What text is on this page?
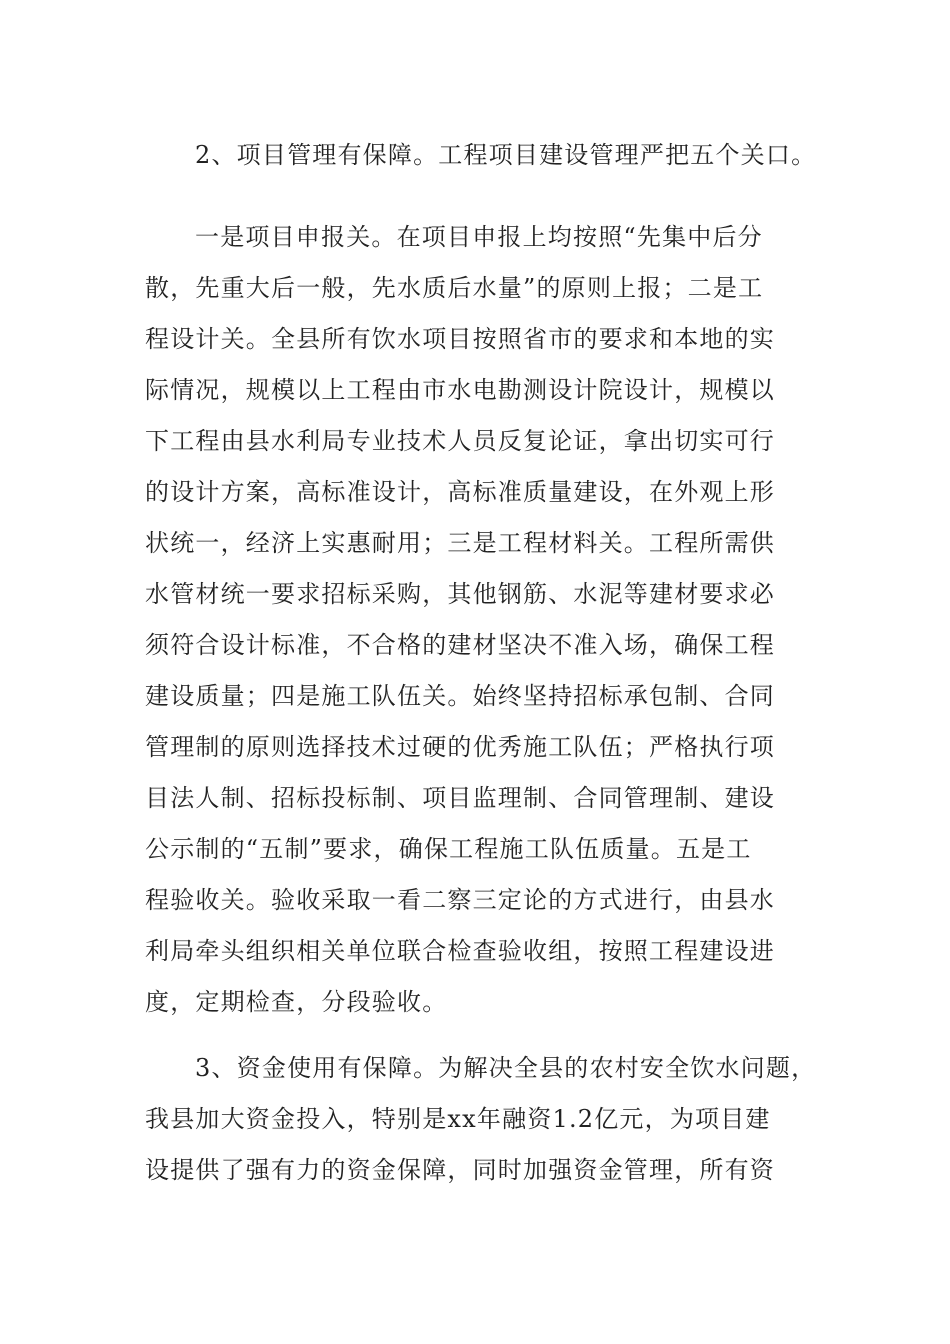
2、项目管理有保障。工程项目建设管理严把五个关口。

一是项目申报关。在项目申报上均按照“先集中后分
散，先重大后一般，先水质后水量”的原则上报；二是工
程设计关。全县所有饮水项目按照省市的要求和本地的实
际情况，规模以上工程由市水电勘测设计院设计，规模以
下工程由县水利局专业技术人员反复论证，拿出切实可行
的设计方案，高标准设计，高标准质量建设，在外观上形
状统一，经济上实惠耐用；三是工程材料关。工程所需供
水管材统一要求招标采购，其他钢筋、水泥等建材要求必
须符合设计标准，不合格的建材坚决不准入场，确保工程
建设质量；四是施工队伍关。始终坚持招标承包制、合同
管理制的原则选择技术过硬的优秀施工队伍；严格执行项
目法人制、招标投标制、项目监理制、合同管理制、建设
公示制的“五制”要求，确保工程施工队伍质量。五是工
程验收关。验收采取一看二察三定论的方式进行，由县水
利局牵头组织相关单位联合检查验收组，按照工程建设进
度，定期检查，分段验收。

3、资金使用有保障。为解决全县的农村安全饮水问题，
我县加大资金投入，特别是xx年融资1.2亿元，为项目建
设提供了强有力的资金保障，同时加强资金管理，所有资
